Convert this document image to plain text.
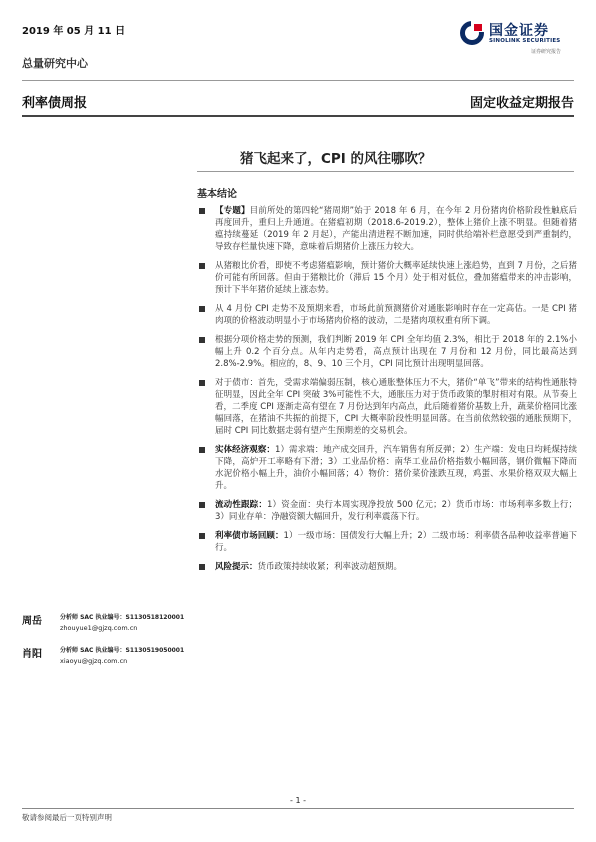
2019 年 05 月 11 日
总量研究中心
国金证券
SINOLINK SECURITIES
证券研究报告
利率债周报	固定收益定期报告
猪飞起来了，CPI 的风往哪吹？
基本结论
【专题】目前所处的第四轮“猪周期”始于 2018 年 6 月，在今年 2 月份猪肉价格阶段性触底后再度回升，重归上升通道。在猪瘟初期（2018.6-2019.2），整体上猪价上涨不明显。但随着猪瘟持续蔓延（2019 年 2 月起），产能出清进程不断加速，同时供给端补栏意愿受到严重制约，导致存栏量快速下降，意味着后期猪价上涨压力较大。
从猪粮比价看，即使不考虑猪瘟影响，预计猪价大概率延续快速上涨趋势，直到 7 月份，之后猪价可能有所回落。但由于猪粮比价（滞后 15 个月）处于相对低位，叠加猪瘟带来的冲击影响，预计下半年猪价延续上涨态势。
从 4 月份 CPI 走势不及预期来看，市场此前预测猪价对通胀影响时存在一定高估。一是 CPI 猪肉项的价格波动明显小于市场猪肉价格的波动，二是猪肉项权重有所下调。
根据分项价格走势的预测，我们判断 2019 年 CPI 全年均值 2.3%，相比于 2018 年的 2.1%小幅上升 0.2 个百分点。从年内走势看，高点预计出现在 7 月份和 12 月份，同比最高达到 2.8%-2.9%。相应的，8、9、10 三个月，CPI 同比预计出现明显回落。
对于债市：首先，受需求端偏弱压制，核心通胀整体压力不大，猪价“单飞”带来的结构性通胀特征明显，因此全年 CPI 突破 3%可能性不大，通胀压力对于货币政策的掣肘相对有限。从节奏上看，二季度 CPI 逐渐走高有望在 7 月份达到年内高点，此后随着猪价基数上升，蔬菜价格同比涨幅回落，在猪油不共振的前提下，CPI 大概率阶段性明显回落。在当前依然较强的通胀预期下，届时 CPI 同比数据走弱有望产生预期差的交易机会。
实体经济观察：1）需求端：地产成交回升，汽车销售有所反弹；2）生产端：发电日均耗煤持续下降，高炉开工率略有下滑；3）工业品价格：南华工业品价格指数小幅回落，钢价微幅下降而水泥价格小幅上升，油价小幅回落；4）物价：猪价菜价涨跌互现，鸡蛋、水果价格双双大幅上升。
流动性跟踪：1）资金面：央行本周实现净投放 500 亿元；2）货币市场：市场利率多数上行；3）同业存单：净融资额大幅回升，发行利率震荡下行。
利率债市场回顾：1）一级市场：国债发行大幅上升；2）二级市场：利率债各品种收益率普遍下行。
风险提示：货币政策持续收紧；利率波动超预期。
周岳	分析师 SAC 执业编号：S1130518120001
zhouyue1@gjzq.com.cn
肖阳	分析师 SAC 执业编号：S1130519050001
xiaoyu@gjzq.com.cn
- 1 -
敬请参阅最后一页特别声明
